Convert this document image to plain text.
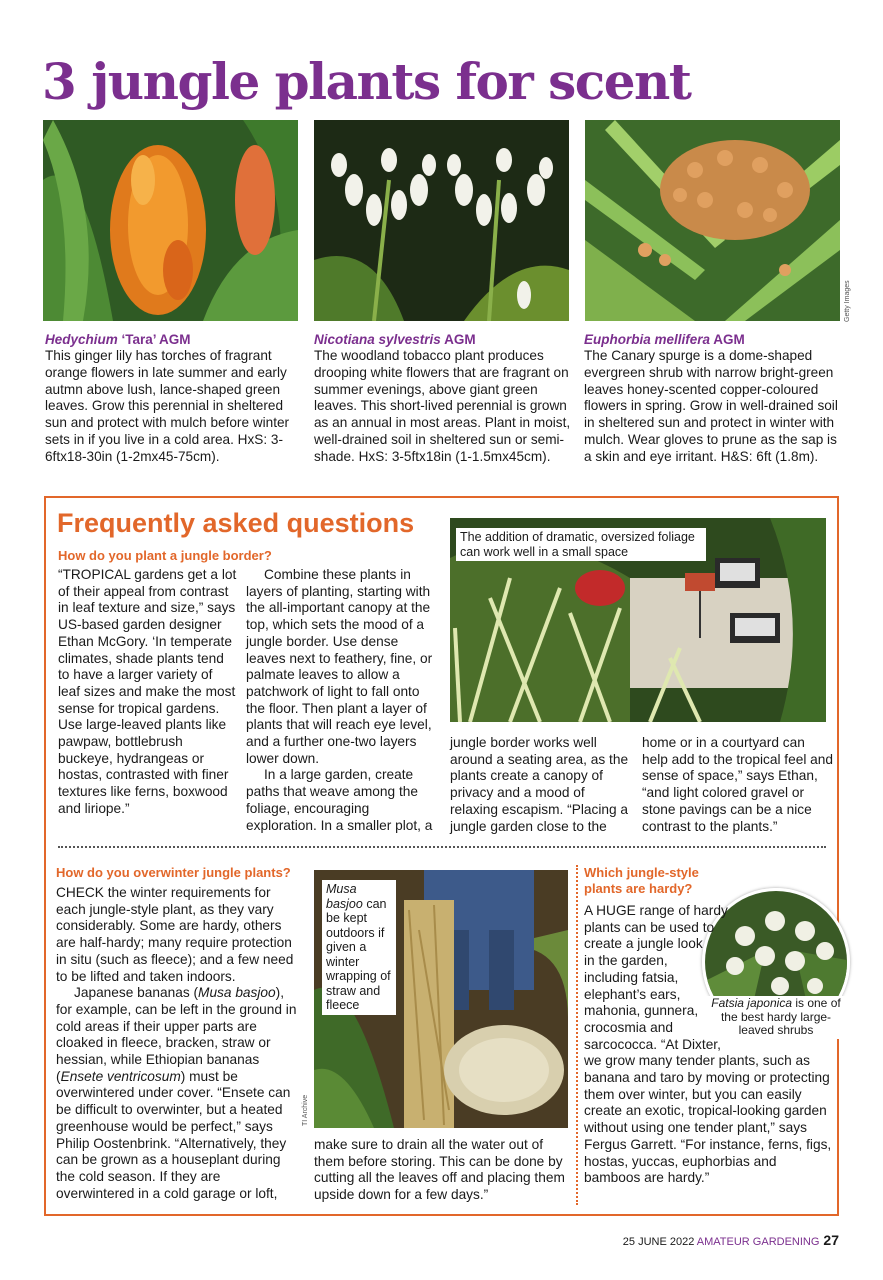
3 jungle plants for scent
Getty Images
Hedychium ‘Tara’ AGM
This ginger lily has torches of fragrant orange flowers in late summer and early autmn above lush, lance-shaped green leaves. Grow this perennial in sheltered sun and protect with mulch before winter sets in if you live in a cold area. HxS: 3-6ftx18-30in (1-2mx45-75cm).
Nicotiana sylvestris AGM
The woodland tobacco plant produces drooping white flowers that are fragrant on summer evenings, above giant green leaves. This short-lived perennial is grown as an annual in most areas. Plant in moist, well-drained soil in sheltered sun or semi-shade. HxS: 3-5ftx18in (1-1.5mx45cm).
Euphorbia mellifera AGM
The Canary spurge is a dome-shaped evergreen shrub with narrow bright-green leaves honey-scented copper-coloured flowers in spring. Grow in well-drained soil in sheltered sun and protect in winter with mulch. Wear gloves to prune as the sap is a skin and eye irritant. H&S: 6ft (1.8m).
Frequently asked questions
How do you plant a jungle border?

“TROPICAL gardens get a lot of their appeal from contrast in leaf texture and size,” says US-based garden designer Ethan McGory. ‘In temperate climates, shade plants tend to have a larger variety of leaf sizes and make the most sense for tropical gardens. Use large-leaved plants like pawpaw, bottlebrush buckeye, hydrangeas or hostas, contrasted with finer textures like ferns, boxwood and liriope.”

Combine these plants in layers of planting, starting with the all-important canopy at the top, which sets the mood of a jungle border. Use dense leaves next to feathery, fine, or palmate leaves to allow a patchwork of light to fall onto the floor. Then plant a layer of plants that will reach eye level, and a further one-two layers lower down.

In a large garden, create paths that weave among the foliage, encouraging exploration. In a smaller plot, a

The addition of dramatic, oversized foliage can work well in a small space

jungle border works well around a seating area, as the plants create a canopy of privacy and a mood of relaxing escapism. “Placing a jungle garden close to the

home or in a courtyard can help add to the tropical feel and sense of space,” says Ethan, “and light colored gravel or stone pavings can be a nice contrast to the plants.”

How do you overwinter jungle plants?

CHECK the winter requirements for each jungle-style plant, as they vary considerably. Some are hardy, others are half-hardy; many require protection in situ (such as fleece); and a few need to be lifted and taken indoors.

Japanese bananas (Musa basjoo), for example, can be left in the ground in cold areas if their upper parts are cloaked in fleece, bracken, straw or hessian, while Ethiopian bananas (Ensete ventricosum) must be overwintered under cover. “Ensete can be difficult to overwinter, but a heated greenhouse would be perfect,” says Philip Oostenbrink. “Alternatively, they can be grown as a houseplant during the cold season. If they are overwintered in a cold garage or loft,

Musa basjoo can be kept outdoors if given a winter wrapping of straw and fleece
TI Archive

make sure to drain all the water out of them before storing. This can be done by cutting all the leaves off and placing them upside down for a few days.”

Which jungle-style plants are hardy?
Fatsia japonica is one of the best hardy large-leaved shrubs

A HUGE range of hardy plants can be used to create a jungle look in the garden, including fatsia, elephant’s ears, mahonia, gunnera, crocosmia and sarcococca. “At Dixter, we grow many tender plants, such as banana and taro by moving or protecting them over winter, but you can easily create an exotic, tropical-looking garden without using one tender plant,” says Fergus Garrett. “For instance, ferns, figs, hostas, yuccas, euphorbias and bamboos are hardy.”

25 JUNE 2022 AMATEUR GARDENING 27
